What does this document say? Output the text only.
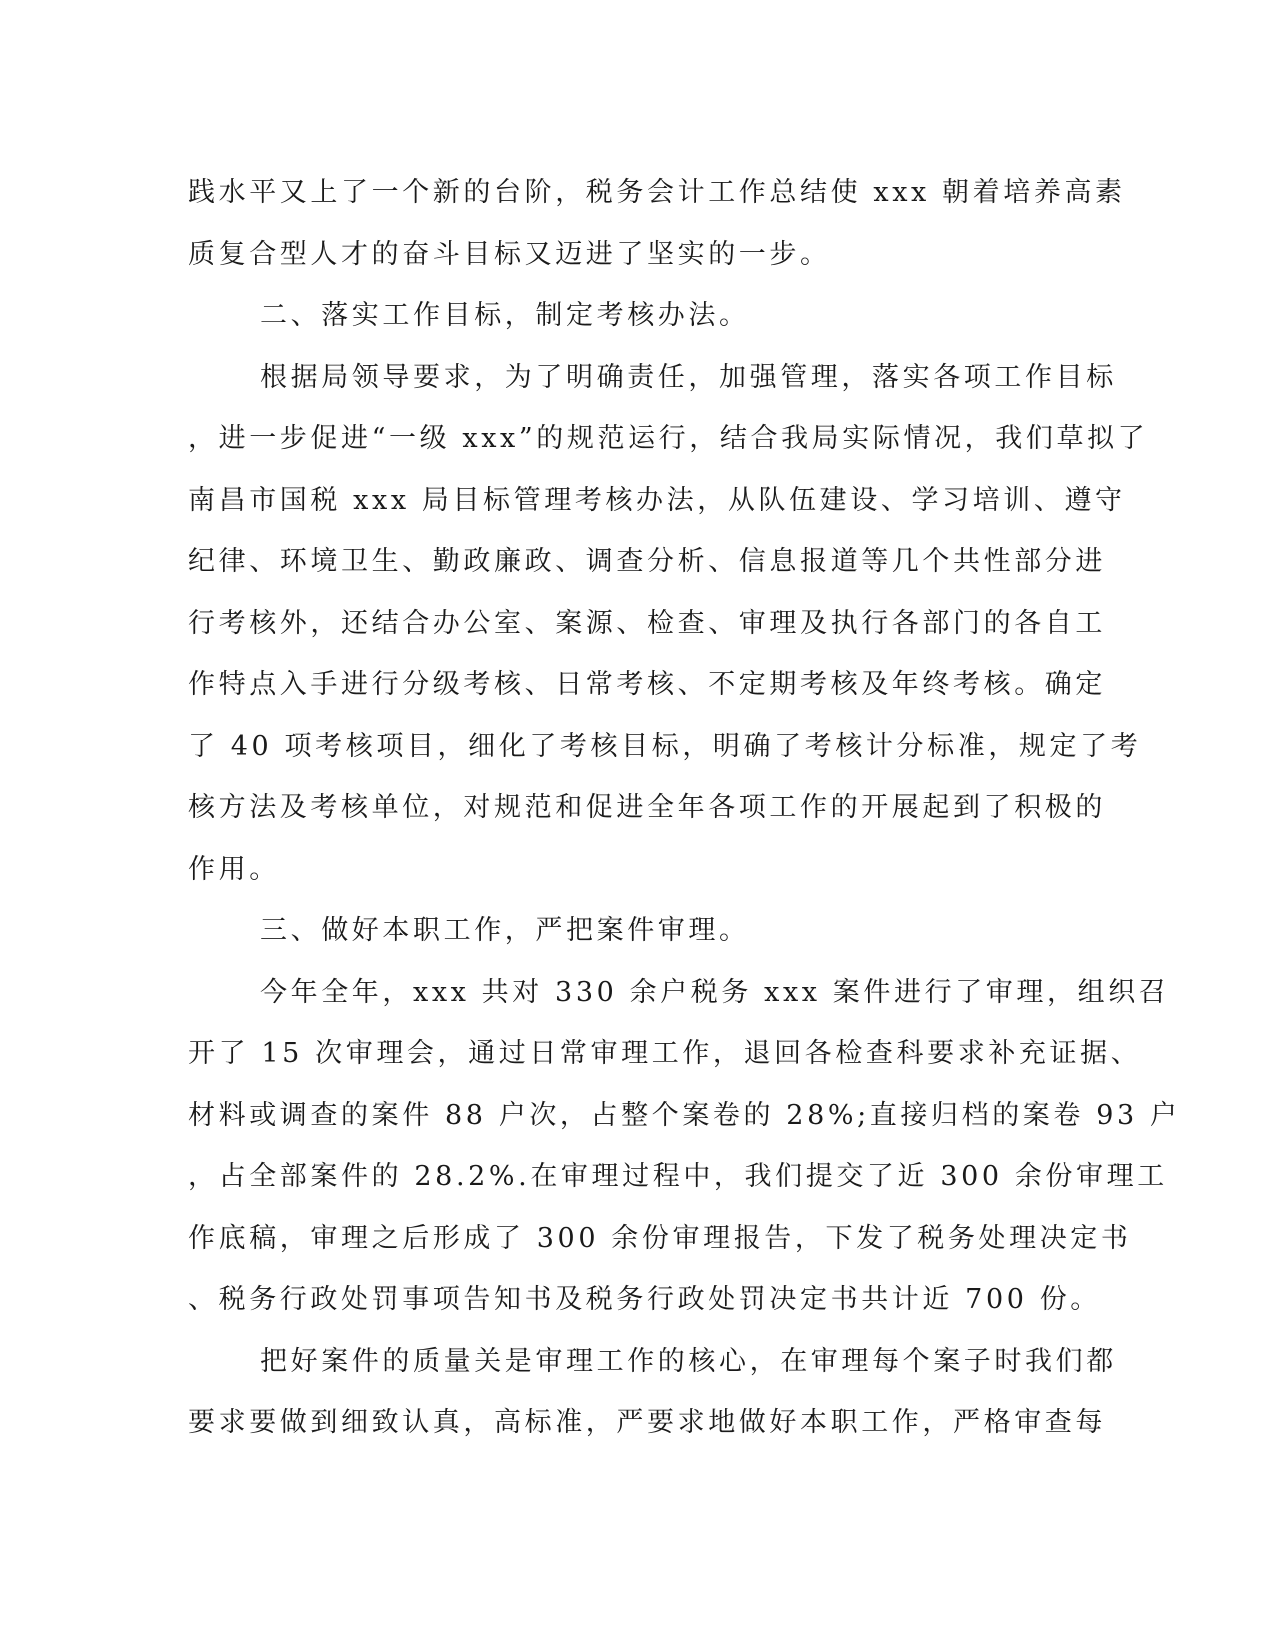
践水平又上了一个新的台阶，税务会计工作总结使 xxx 朝着培养高素
质复合型人才的奋斗目标又迈进了坚实的一步。
二、落实工作目标，制定考核办法。
根据局领导要求，为了明确责任，加强管理，落实各项工作目标
，进一步促进“一级 xxx”的规范运行，结合我局实际情况，我们草拟了
南昌市国税 xxx 局目标管理考核办法，从队伍建设、学习培训、遵守
纪律、环境卫生、勤政廉政、调查分析、信息报道等几个共性部分进
行考核外，还结合办公室、案源、检查、审理及执行各部门的各自工
作特点入手进行分级考核、日常考核、不定期考核及年终考核。确定
了 40 项考核项目，细化了考核目标，明确了考核计分标准，规定了考
核方法及考核单位，对规范和促进全年各项工作的开展起到了积极的
作用。
三、做好本职工作，严把案件审理。
今年全年，xxx 共对 330 余户税务 xxx 案件进行了审理，组织召
开了 15 次审理会，通过日常审理工作，退回各检查科要求补充证据、
材料或调查的案件 88 户次，占整个案卷的 28%;直接归档的案卷 93 户
，占全部案件的 28.2%.在审理过程中，我们提交了近 300 余份审理工
作底稿，审理之后形成了 300 余份审理报告，下发了税务处理决定书
、税务行政处罚事项告知书及税务行政处罚决定书共计近 700 份。
把好案件的质量关是审理工作的核心，在审理每个案子时我们都
要求要做到细致认真，高标准，严要求地做好本职工作，严格审查每
